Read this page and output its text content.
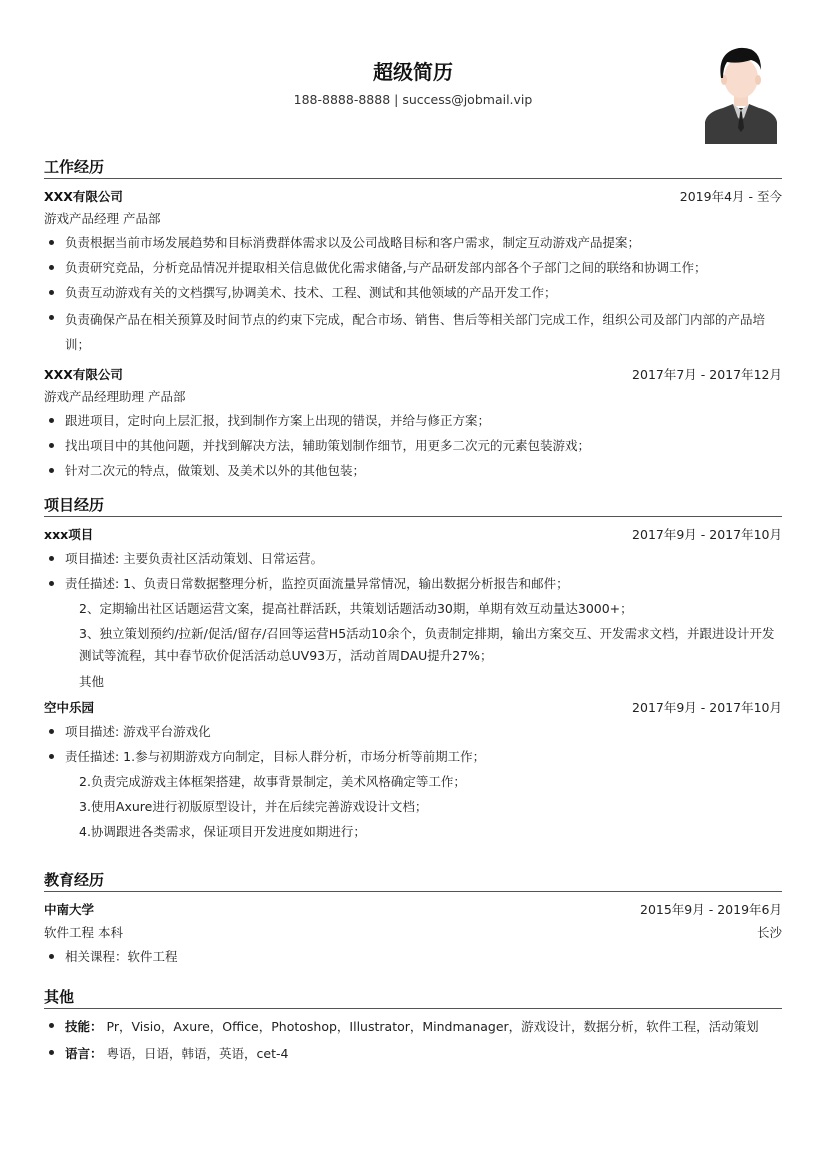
超级简历
188-8888-8888 | success@jobmail.vip
工作经历
XXX有限公司	2019年4月 - 至今
游戏产品经理 产品部
负责根据当前市场发展趋势和目标消费群体需求以及公司战略目标和客户需求，制定互动游戏产品提案；
负责研究竞品，分析竞品情况并提取相关信息做优化需求储备,与产品研发部内部各个子部门之间的联络和协调工作；
负责互动游戏有关的文档撰写,协调美术、技术、工程、测试和其他领域的产品开发工作；
负责确保产品在相关预算及时间节点的约束下完成，配合市场、销售、售后等相关部门完成工作，组织公司及部门内部的产品培训；
XXX有限公司	2017年7月 - 2017年12月
游戏产品经理助理 产品部
跟进项目，定时向上层汇报，找到制作方案上出现的错误，并给与修正方案；
找出项目中的其他问题，并找到解决方法，辅助策划制作细节，用更多二次元的元素包装游戏；
针对二次元的特点，做策划、及美术以外的其他包装；
项目经历
xxx项目	2017年9月 - 2017年10月
项目描述: 主要负责社区活动策划、日常运营。
责任描述: 1、负责日常数据整理分析，监控页面流量异常情况，输出数据分析报告和邮件；
2、定期输出社区话题运营文案，提高社群活跃，共策划话题活动30期，单期有效互动量达3000+；
3、独立策划预约/拉新/促活/留存/召回等运营H5活动10余个，负责制定排期，输出方案交互、开发需求文档，并跟进设计开发测试等流程，其中春节砍价促活活动总UV93万，活动首周DAU提升27%；
其他
空中乐园	2017年9月 - 2017年10月
项目描述: 游戏平台游戏化
责任描述: 1.参与初期游戏方向制定，目标人群分析，市场分析等前期工作；
2.负责完成游戏主体框架搭建，故事背景制定，美术风格确定等工作；
3.使用Axure进行初版原型设计，并在后续完善游戏设计文档；
4.协调跟进各类需求，保证项目开发进度如期进行；
教育经历
中南大学	2015年9月 - 2019年6月
软件工程 本科	长沙
相关课程：软件工程
其他
技能： Pr，Visio，Axure，Office，Photoshop，Illustrator，Mindmanager，游戏设计，数据分析，软件工程，活动策划
语言： 粤语，日语，韩语，英语，cet-4
